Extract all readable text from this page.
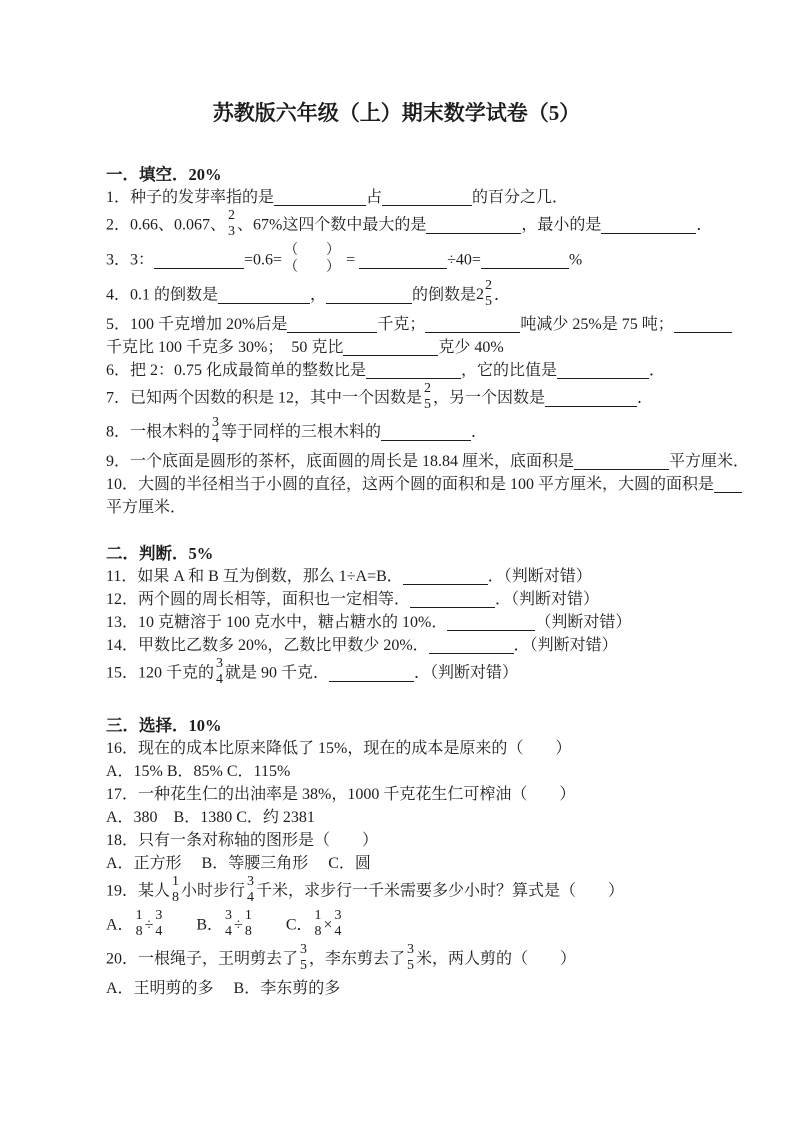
苏教版六年级（上）期末数学试卷（5）
一．填空．20%

1．种子的发芽率指的是	占	的百分之几．

2．0.66、0.067、
2
3 、67%这四个数中最大的是	，最小的是	．

3．3：	=0.6=
（　　）
（　　） =	÷40=	%

4．0.1 的倒数是	，	的倒数是 2 2
5 ．

5．100 千克增加 20%后是	千克；	吨减少 25%是 75 吨；

千克比 100 千克多 30%；　50 克比	克少 40%

6．把 2：0.75 化成最简单的整数比是	，它的比值是	．

7．已知两个因数的积是 12，其中一个因数是
2
5 ，另一个因数是	．

8．一根木料的
3
4 等于同样的三根木料的	．

9．一个底面是圆形的茶杯，底面圆的周长是 18.84 厘米，底面积是	平方厘米．

10．大圆的半径相当于小圆的直径，这两个圆的面积和是 100 平方厘米，大圆的面积是

平方厘米．

二．判断．5%

11．如果 A 和 B 互为倒数，那么 1÷A=B．	．（判断对错）

12．两个圆的周长相等，面积也一定相等．	．（判断对错）

13．10 克糖溶于 100 克水中，糖占糖水的 10%．	（判断对错）

14．甲数比乙数多 20%，乙数比甲数少 20%．	．（判断对错）

15．120 千克的
3
4 就是 90 千克．	．（判断对错）

三．选择．10%

16．现在的成本比原来降低了 15%，现在的成本是原来的（　　）

A．15% B．85% C．115%

17．一种花生仁的出油率是 38%，1000 千克花生仁可榨油（　　）

A．380　B．1380 C．约 2381

18．只有一条对称轴的图形是（　　）

A．正方形　 B．等腰三角形　 C．圆

19．某人
1
8 小时步行
3
4 千米，求步行一千米需要多少小时？算式是（　　）

A．
1
8 ÷
3
4 　　B．
3
4 ÷
1
8 　　C．
1
8 ×
3
4

20．一根绳子，王明剪去了
3
5 ，李东剪去了
3
5 米，两人剪的（　　）

A．王明剪的多　 B．李东剪的多
